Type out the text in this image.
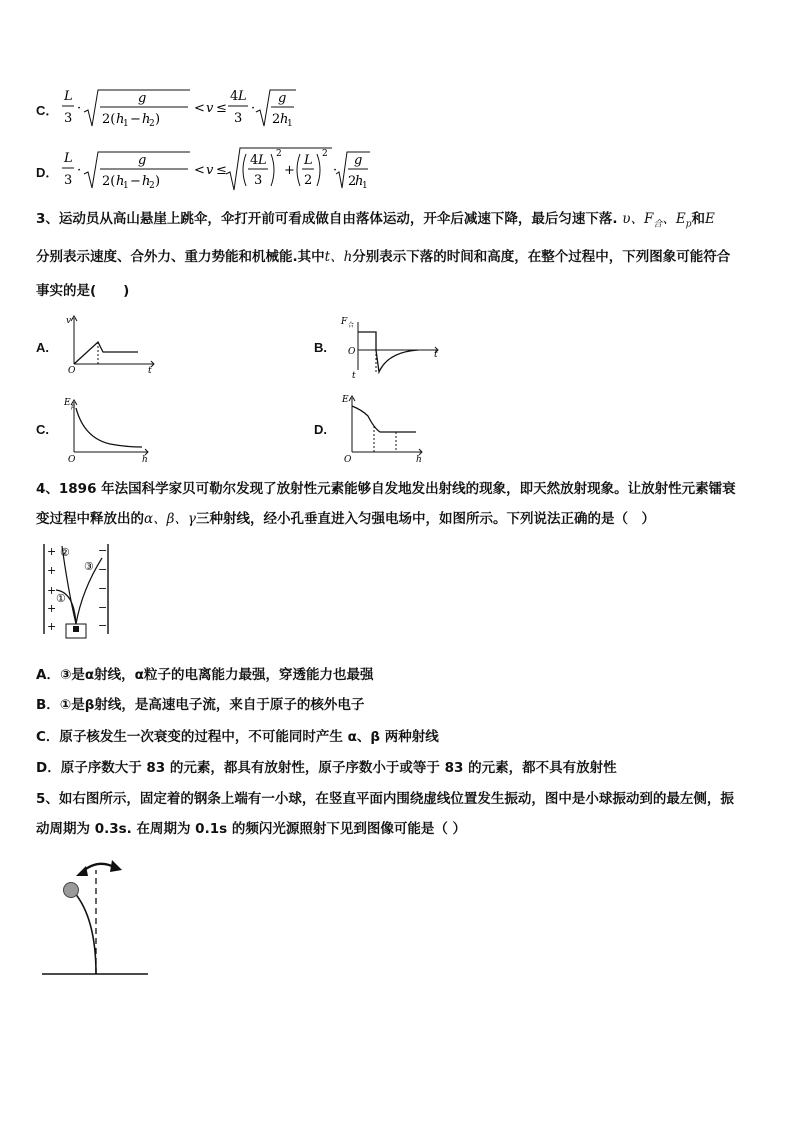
C．
L
3
·
g
2( h
1 − h
2 )
< v ≤
4 L
3
·
g
2 h
1
D．
L
3
·
g
2( h
1 − h
2 )
< v ≤
4 L
3
2
+
L
2
2
·
g
2
h
1
3、运动员从高山悬崖上跳伞，伞打开前可看成做自由落体运动，开伞后减速下降，最后匀速下落. υ、$F_合$、$E_p$和E
分别表示速度、合外力、重力势能和机械能.其中t、h分别表示下落的时间和高度，在整个过程中，下列图象可能符合
事实的是(　　)
A.
v
O	t
B.
F 合
O	t
t
C.
E p
O	h
D.
E
O	h
4、1896 年法国科学家贝可勒尔发现了放射性元素能够自发地发出射线的现象，即天然放射现象。让放射性元素镭衰
变过程中释放出的α、β、γ三种射线，经小孔垂直进入匀强电场中，如图所示。下列说法正确的是（　）
+
+
+
+
+
−
−
−
−
−
②
③
①
A．③是α射线，α粒子的电离能力最强，穿透能力也最强
B．①是β射线，是高速电子流，来自于原子的核外电子
C．原子核发生一次衰变的过程中，不可能同时产生 α、β 两种射线
D．原子序数大于 83 的元素，都具有放射性，原子序数小于或等于 83 的元素，都不具有放射性
5、如右图所示，固定着的钢条上端有一小球，在竖直平面内围绕虚线位置发生振动，图中是小球振动到的最左侧，振
动周期为 0.3s. 在周期为 0.1s 的频闪光源照射下见到图像可能是（ ）
